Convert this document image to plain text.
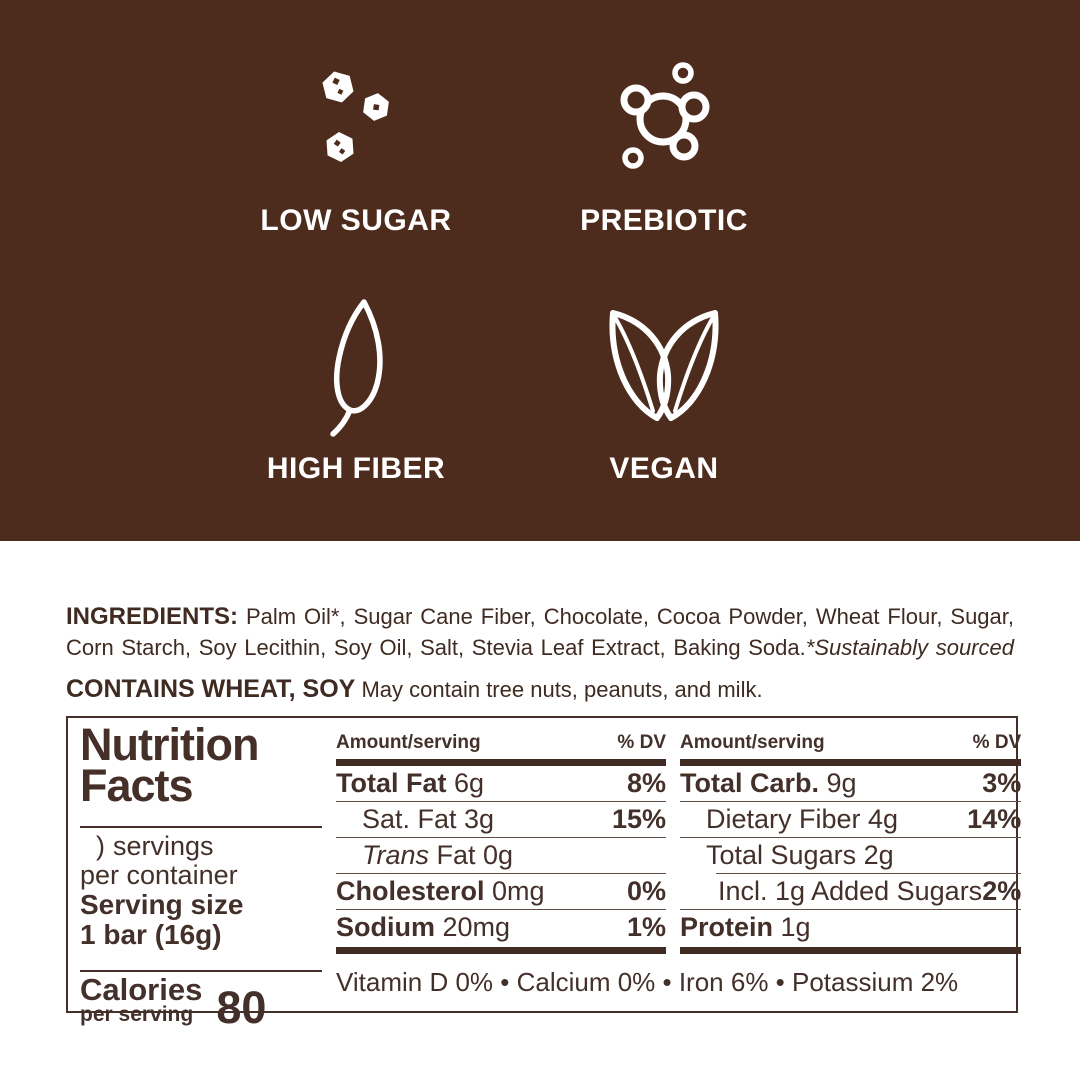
LOW SUGAR	PREBIOTIC
HIGH FIBER	VEGAN
INGREDIENTS: Palm Oil*, Sugar Cane Fiber, Chocolate, Cocoa Powder, Wheat Flour, Sugar,
Corn Starch, Soy Lecithin, Soy Oil, Salt, Stevia Leaf Extract, Baking Soda.*Sustainably sourced
CONTAINS WHEAT, SOY May contain tree nuts, peanuts, and milk.
Nutrition
Facts
) servings
per container
Serving size
1 bar (16g)
Calories
per serving 80
Amount/serving	% DV
Total Fat 6g	8%
Sat. Fat 3g	15%
Trans Fat 0g
Cholesterol 0mg	0%
Sodium 20mg	1%
Amount/serving	% DV
Total Carb. 9g	3%
Dietary Fiber 4g	14%
Total Sugars 2g
Incl. 1g Added Sugars 2%
Protein 1g
Vitamin D 0% • Calcium 0% • Iron 6% • Potassium 2%
